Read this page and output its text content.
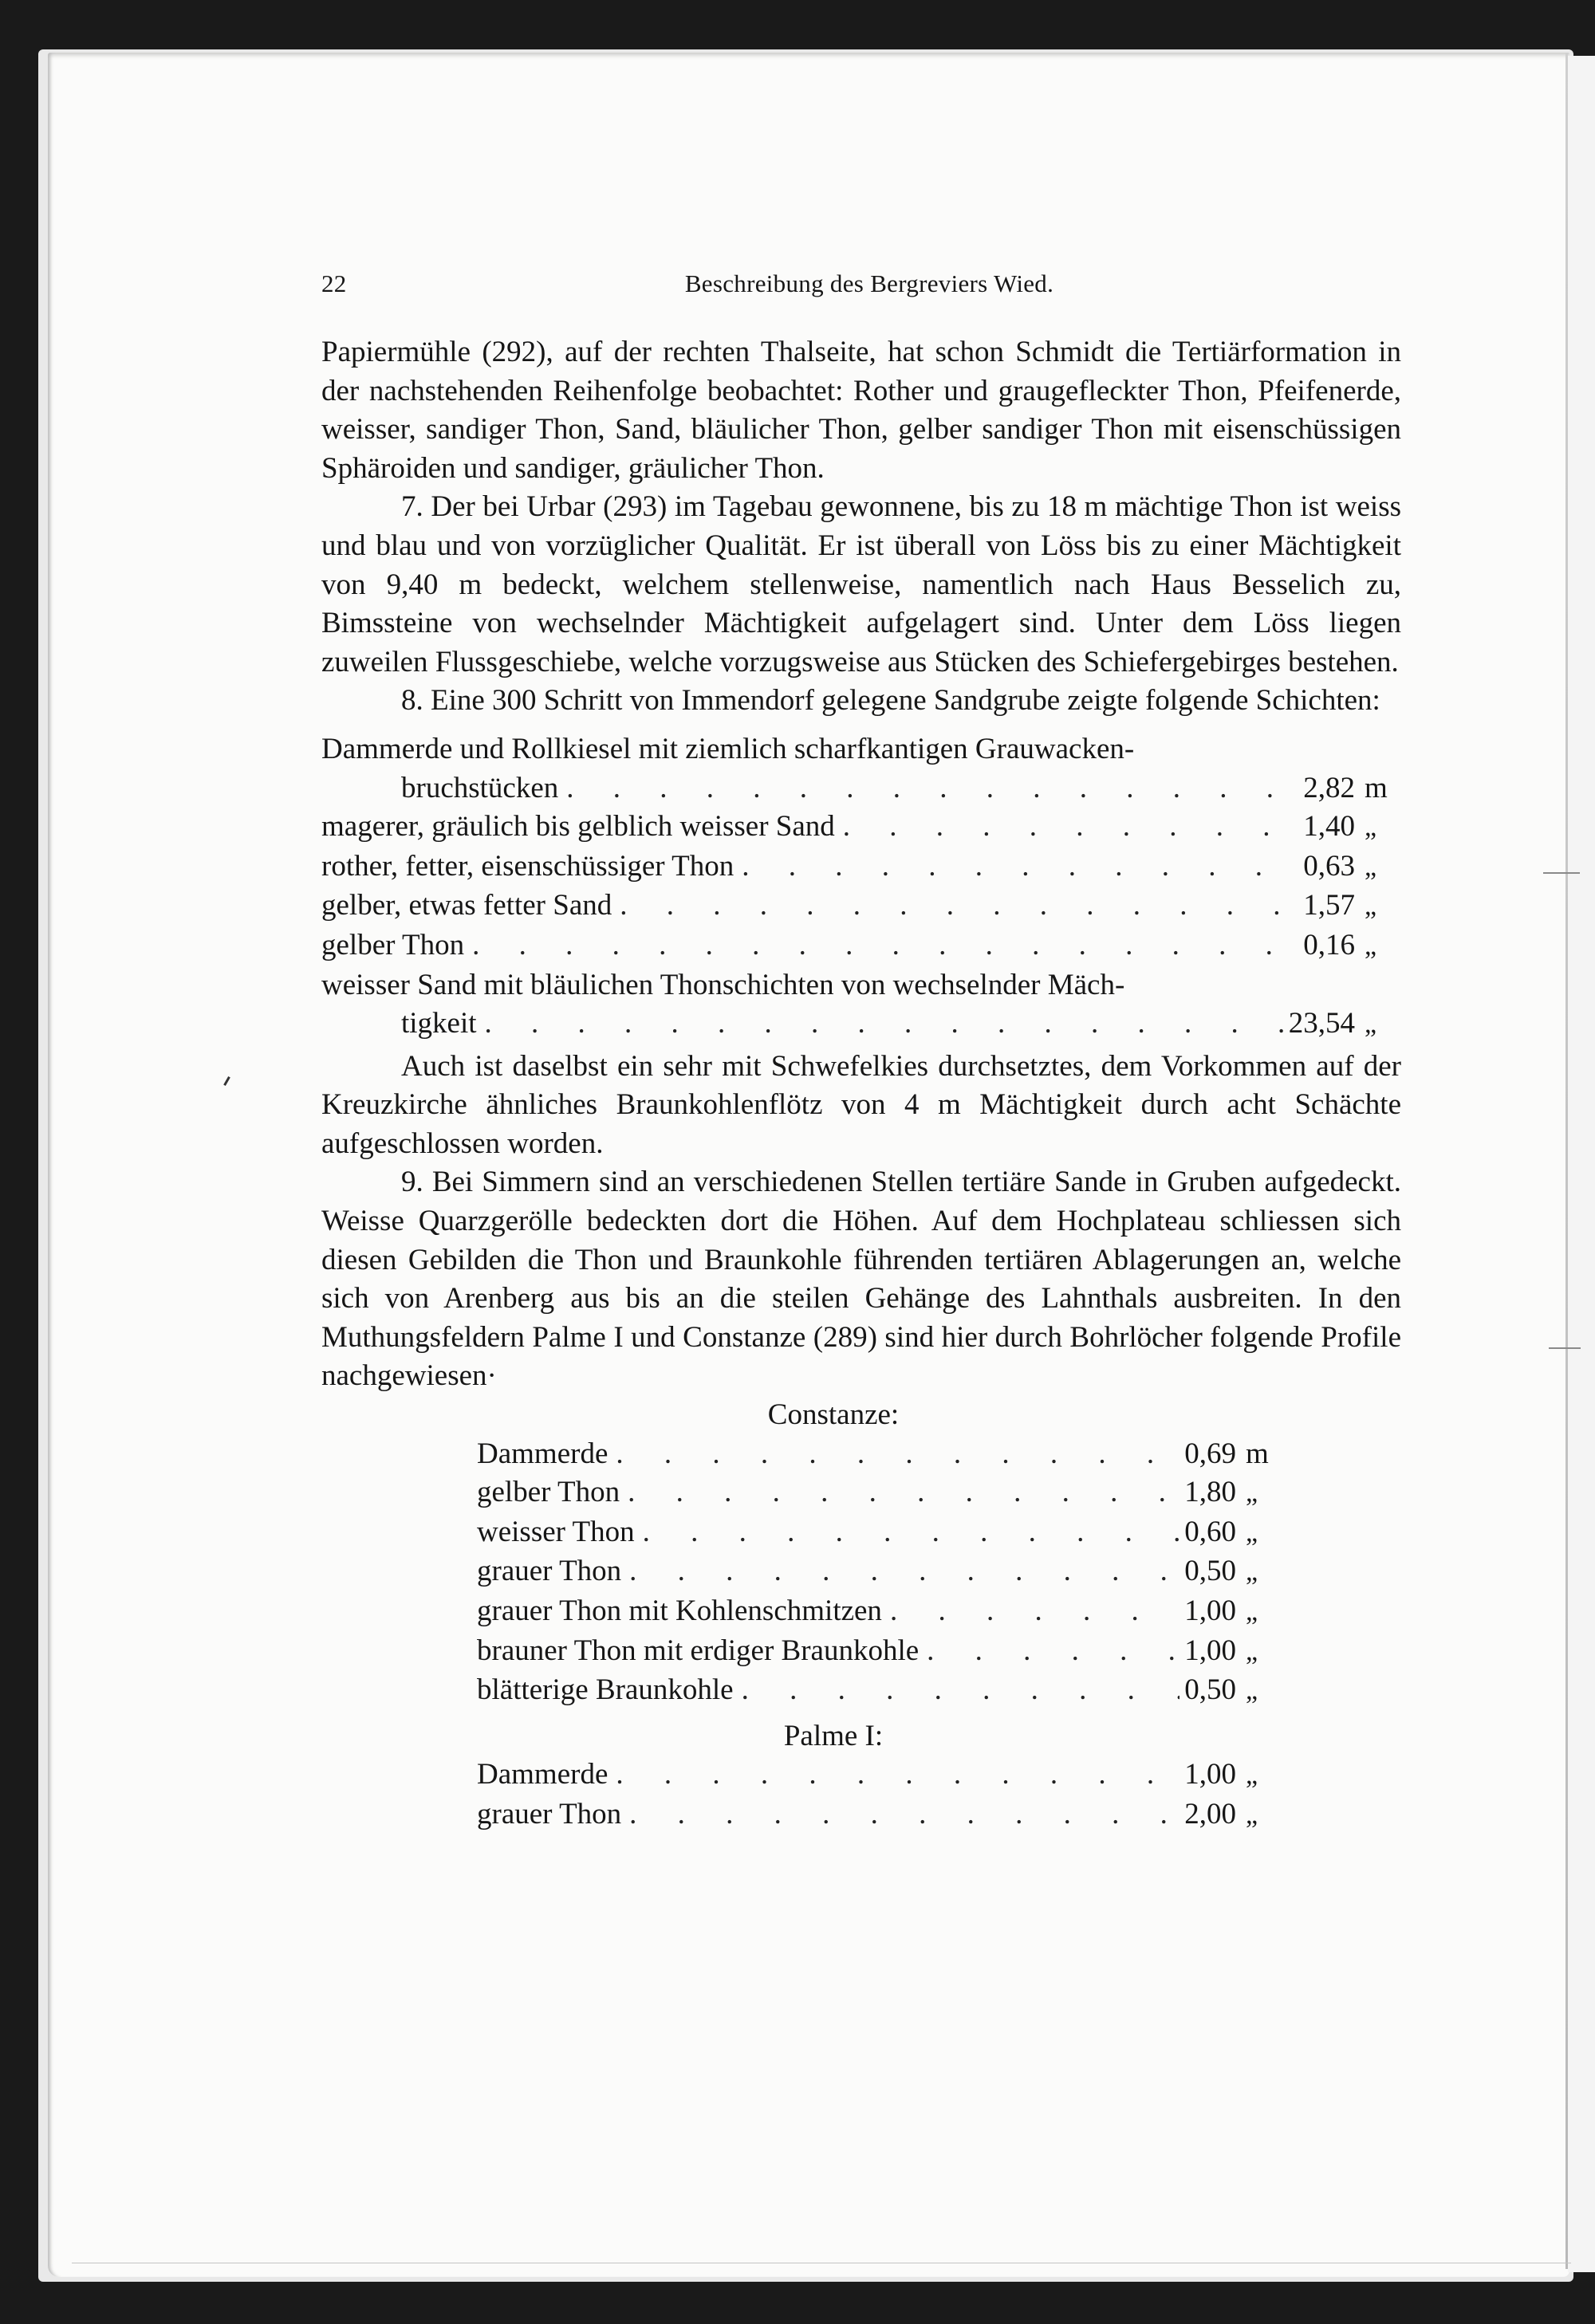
22	Beschreibung des Bergreviers Wied.

Papiermühle (292), auf der rechten Thalseite, hat schon Schmidt die Tertiärformation in der nachstehenden Reihenfolge beobachtet: Rother und graugefleckter Thon, Pfeifenerde, weisser, sandiger Thon, Sand, bläulicher Thon, gelber sandiger Thon mit eisenschüssigen Sphäroiden und sandiger, gräulicher Thon.

7. Der bei Urbar (293) im Tagebau gewonnene, bis zu 18 m mächtige Thon ist weiss und blau und von vorzüglicher Qualität. Er ist überall von Löss bis zu einer Mächtigkeit von 9,40 m bedeckt, welchem stellenweise, namentlich nach Haus Besselich zu, Bimssteine von wechselnder Mächtigkeit aufgelagert sind. Unter dem Löss liegen zuweilen Flussgeschiebe, welche vorzugsweise aus Stücken des Schiefergebirges bestehen.

8. Eine 300 Schritt von Immendorf gelegene Sandgrube zeigte folgende Schichten:

Dammerde und Rollkiesel mit ziemlich scharfkantigen Grauwacken-
bruchstücken . . .	2,82 m
magerer, gräulich bis gelblich weisser Sand . . .	1,40 „
rother, fetter, eisenschüssiger Thon . . .	0,63 „
gelber, etwas fetter Sand . . .	1,57 „
gelber Thon . . .	0,16 „
weisser Sand mit bläulichen Thonschichten von wechselnder Mäch-
tigkeit . . .	23,54 „

Auch ist daselbst ein sehr mit Schwefelkies durchsetztes, dem Vorkommen auf der Kreuzkirche ähnliches Braunkohlenflötz von 4 m Mächtigkeit durch acht Schächte aufgeschlossen worden.

9. Bei Simmern sind an verschiedenen Stellen tertiäre Sande in Gruben aufgedeckt. Weisse Quarzgerölle bedeckten dort die Höhen. Auf dem Hochplateau schliessen sich diesen Gebilden die Thon und Braunkohle führenden tertiären Ablagerungen an, welche sich von Arenberg aus bis an die steilen Gehänge des Lahnthals ausbreiten. In den Muthungsfeldern Palme I und Constanze (289) sind hier durch Bohrlöcher folgende Profile nachgewiesen·

Constanze:

Dammerde . . .	0,69 m
gelber Thon . . .	1,80 „
weisser Thon . . .	0,60 „
grauer Thon . . .	0,50 „
grauer Thon mit Kohlenschmitzen . . .	1,00 „
brauner Thon mit erdiger Braunkohle . . .	1,00 „
blätterige Braunkohle . . .	0,50 „

Palme I:

Dammerde . . .	1,00 „
grauer Thon . . .	2,00 „
